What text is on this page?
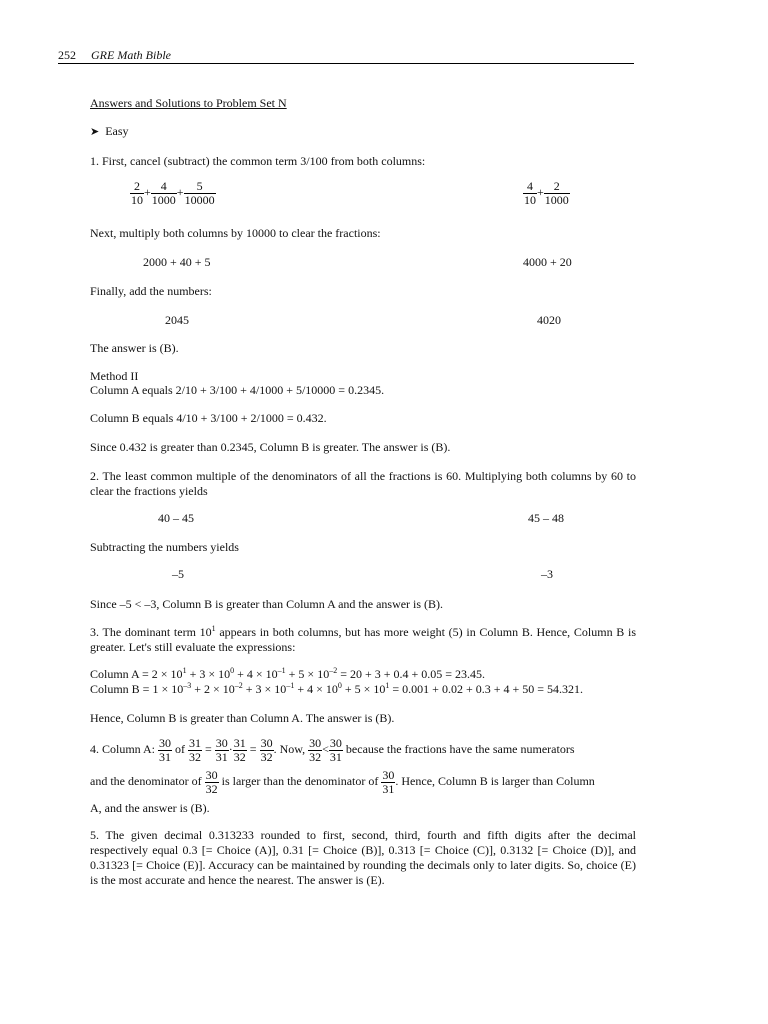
252 GRE Math Bible
Answers and Solutions to Problem Set N
➤ Easy
1. First, cancel (subtract) the common term 3/100 from both columns:
$\frac{2}{10} + \frac{4}{1000} + \frac{5}{10000}$	$\frac{4}{10} + \frac{2}{1000}$
Next, multiply both columns by 10000 to clear the fractions:
2000 + 40 + 5	4000 + 20
Finally, add the numbers:
2045	4020
The answer is (B).
Method II
Column A equals 2/10 + 3/100 + 4/1000 + 5/10000 = 0.2345.
Column B equals 4/10 + 3/100 + 2/1000 = 0.432.
Since 0.432 is greater than 0.2345, Column B is greater. The answer is (B).
2. The least common multiple of the denominators of all the fractions is 60. Multiplying both columns by 60 to clear the fractions yields
40 – 45	45 – 48
Subtracting the numbers yields
–5	–3
Since –5 < –3, Column B is greater than Column A and the answer is (B).
3. The dominant term $10^1$ appears in both columns, but has more weight (5) in Column B. Hence, Column B is greater. Let's still evaluate the expressions:
Column $A = 2 \times 10^1 + 3 \times 10^0 + 4 \times 10^{-1} + 5 \times 10^{-2} = 20 + 3 + 0.4 + 0.05 = 23.45$.
Column $B = 1 \times 10^{-3} + 2 \times 10^{-2} + 3 \times 10^{-1} + 4 \times 10^0 + 5 \times 10^1 = 0.001 + 0.02 + 0.3 + 4 + 50 = 54.321$.
Hence, Column B is greater than Column A. The answer is (B).
4. Column A: $\frac{30}{31}$ of $\frac{31}{32} = \frac{30}{31} \cdot \frac{31}{32} = \frac{30}{32}$ . Now, $\frac{30}{32} < \frac{30}{31}$ because the fractions have the same numerators
and the denominator of $\frac{30}{32}$ is larger than the denominator of $\frac{30}{31}$ . Hence, Column B is larger than Column
A, and the answer is (B).
5. The given decimal 0.313233 rounded to first, second, third, fourth and fifth digits after the decimal respectively equal 0.3 [= Choice (A)], 0.31 [= Choice (B)], 0.313 [= Choice (C)], 0.3132 [= Choice (D)], and 0.31323 [= Choice (E)]. Accuracy can be maintained by rounding the decimals only to later digits. So, choice (E) is the most accurate and hence the nearest. The answer is (E).
